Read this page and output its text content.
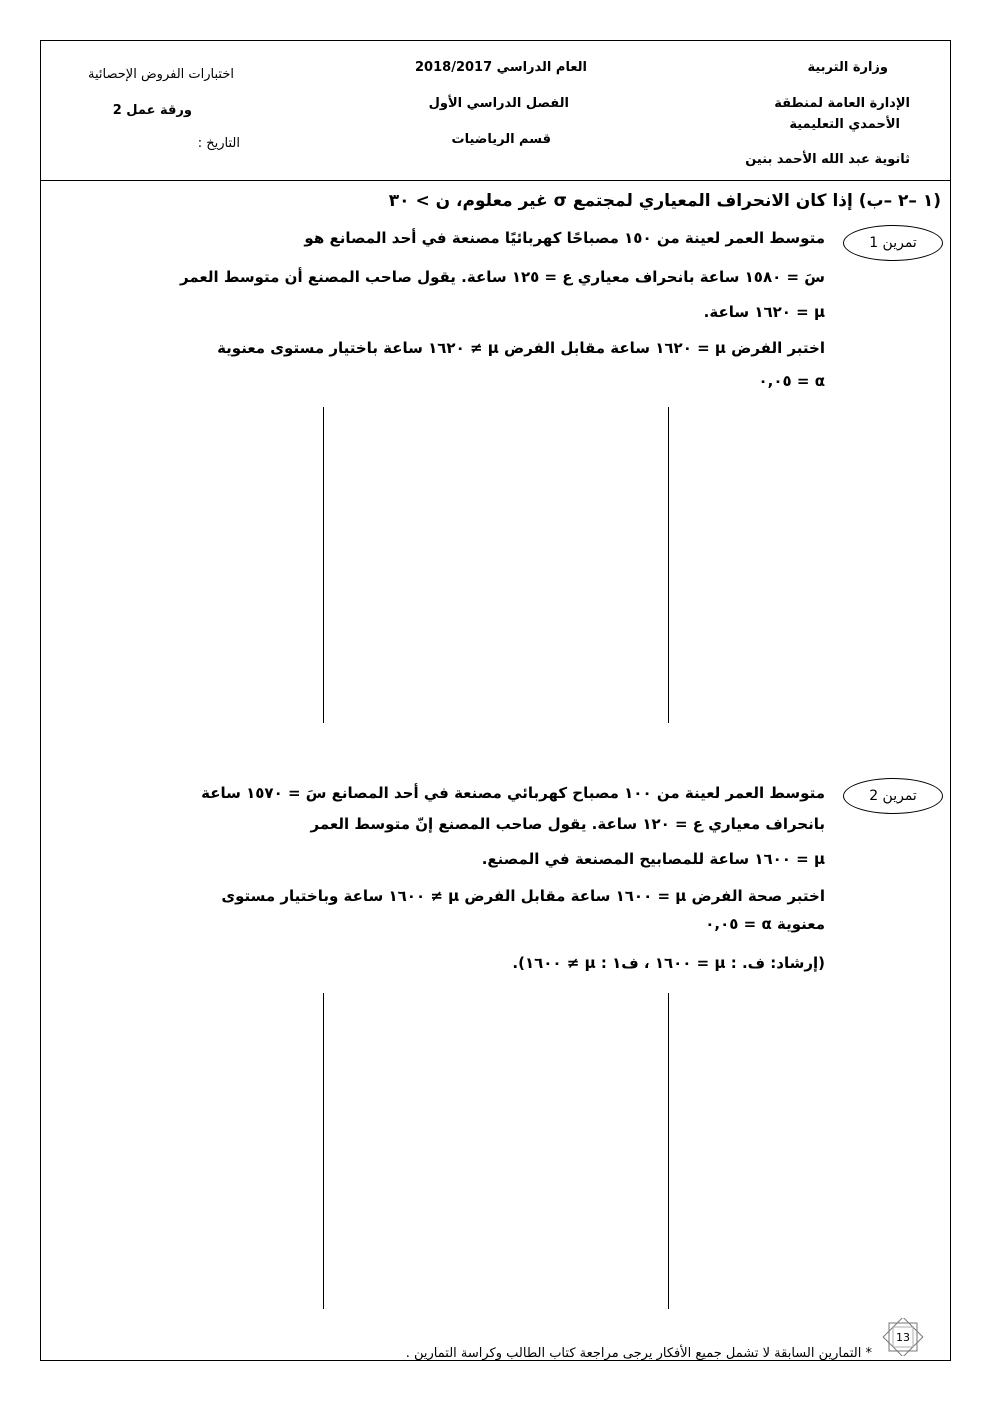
وزارة التربية
الإدارة العامة لمنطقة
الأحمدي التعليمية
ثانوية عبد الله الأحمد بنين
العام الدراسي 2018/2017
الفصل الدراسي الأول
قسم الرياضيات
اختبارات الفروض الإحصائية
ورقة عمل 2
التاريخ :
(١ –٢ –ب) إذا كان الانحراف المعياري لمجتمع σ غير معلوم، ن > ٣٠
تمرين 1
متوسط العمر لعينة من ١٥٠ مصباحًا كهربائيًا مصنعة في أحد المصانع هو
سَ = ١٥٨٠ ساعة بانحراف معياري ع = ١٢٥ ساعة. يقول صاحب المصنع أن متوسط العمر
μ = ١٦٢٠ ساعة.
اختبر الفرض μ = ١٦٢٠ ساعة مقابل الفرض μ ≠ ١٦٢٠ ساعة باختيار مستوى معنوية
α = ٠,٠٥
تمرين 2
متوسط العمر لعينة من ١٠٠ مصباح كهربائي مصنعة في أحد المصانع سَ = ١٥٧٠ ساعة
بانحراف معياري ع = ١٢٠ ساعة. يقول صاحب المصنع إنّ متوسط العمر
μ = ١٦٠٠ ساعة للمصابيح المصنعة في المصنع.
اختبر صحة الفرض μ = ١٦٠٠ ساعة مقابل الفرض μ ≠ ١٦٠٠ ساعة وباختيار مستوى
معنوية α = ٠,٠٥
(إرشاد: ف. : μ = ١٦٠٠ ، ف١ : μ ≠ ١٦٠٠).
13
* التمارين السابقة لا تشمل جميع الأفكار يرجى مراجعة كتاب الطالب وكراسة التمارين .
